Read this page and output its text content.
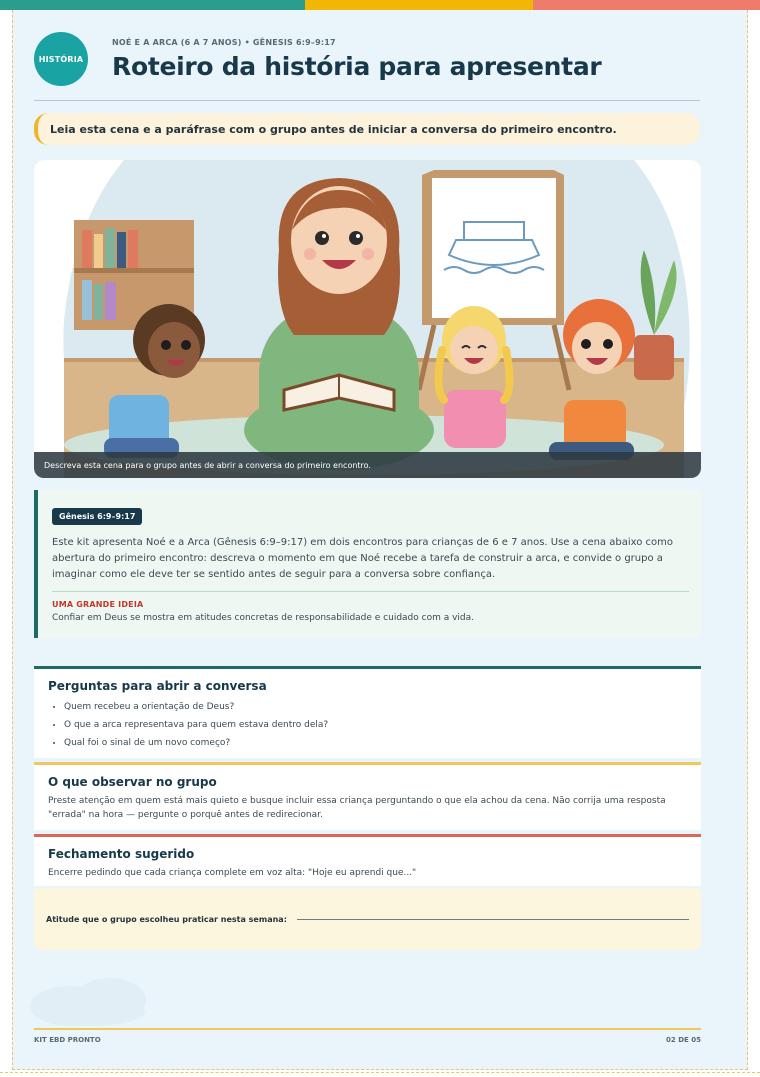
HISTÓRIA
NOÉ E A ARCA (6 A 7 ANOS) • GÊNESIS 6:9–9:17
Roteiro da história para apresentar
Leia esta cena e a paráfrase com o grupo antes de iniciar a conversa do primeiro encontro.
Descreva esta cena para o grupo antes de abrir a conversa do primeiro encontro.
Gênesis 6:9–9:17
Este kit apresenta Noé e a Arca (Gênesis 6:9–9:17) em dois encontros para crianças de 6 e 7 anos. Use a cena abaixo como abertura do primeiro encontro: descreva o momento em que Noé recebe a tarefa de construir a arca, e convide o grupo a imaginar como ele deve ter se sentido antes de seguir para a conversa sobre confiança.
UMA GRANDE IDEIA
Confiar em Deus se mostra em atitudes concretas de responsabilidade e cuidado com a vida.
Perguntas para abrir a conversa
• Quem recebeu a orientação de Deus?
• O que a arca representava para quem estava dentro dela?
• Qual foi o sinal de um novo começo?
O que observar no grupo

Preste atenção em quem está mais quieto e busque incluir essa criança perguntando o que ela achou da cena. Não corrija uma resposta "errada" na hora — pergunte o porquê antes de redirecionar.

Fechamento sugerido

Encerre pedindo que cada criança complete em voz alta: "Hoje eu aprendi que..."

Atitude que o grupo escolheu praticar nesta semana:
KIT EBD PRONTO	02 DE 05
